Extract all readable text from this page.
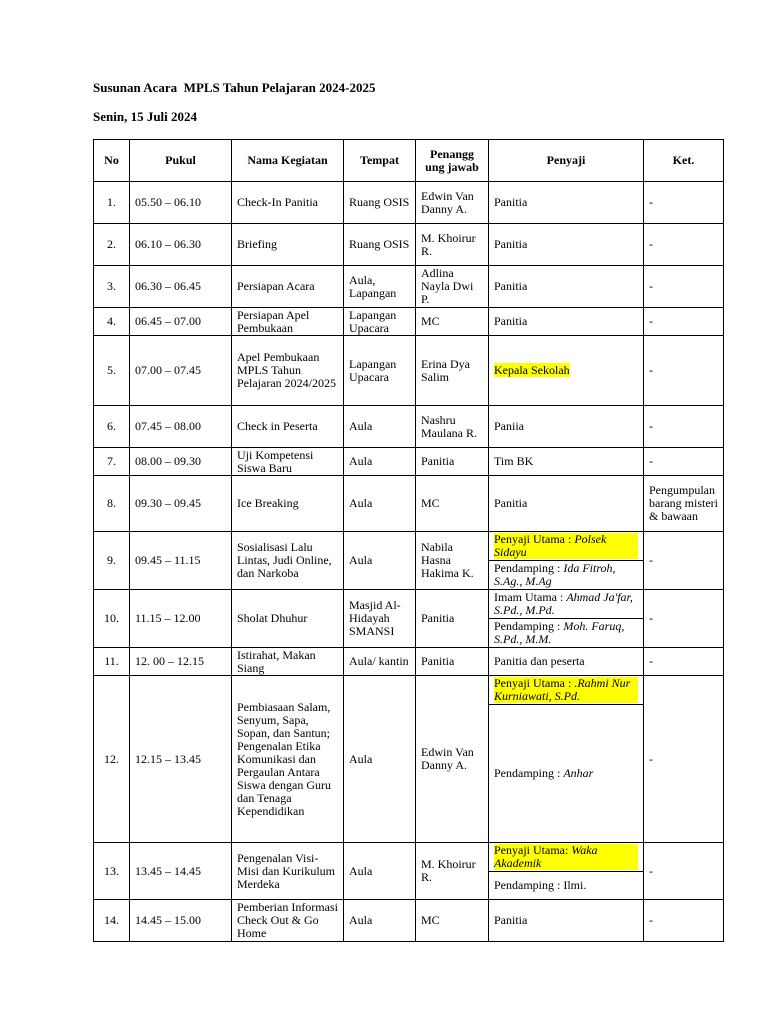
Susunan Acara  MPLS Tahun Pelajaran 2024-2025
Senin, 15 Juli 2024
No	Pukul	Nama Kegiatan	Tempat	Penangg ung jawab	Penyaji	Ket.
1.	05.50 – 06.10	Check-In Panitia	Ruang OSIS	Edwin Van Danny A.	Panitia	-
2.	06.10 – 06.30	Briefing	Ruang OSIS	M. Khoirur R.	Panitia	-
3.	06.30 – 06.45	Persiapan Acara	Aula, Lapangan	Adlina Nayla Dwi P.	Panitia	-
4.	06.45 – 07.00	Persiapan Apel Pembukaan	Lapangan Upacara	MC	Panitia	-
5.	07.00 – 07.45	Apel Pembukaan MPLS Tahun Pelajaran 2024/2025	Lapangan Upacara	Erina Dya Salim	Kepala Sekolah	-
6.	07.45 – 08.00	Check in Peserta	Aula	Nashru Maulana R.	Paniia	-
7.	08.00 – 09.30	Uji Kompetensi Siswa Baru	Aula	Panitia	Tim BK	-
8.	09.30 – 09.45	Ice Breaking	Aula	MC	Panitia	Pengumpulan barang misteri & bawaan
9.	09.45 – 11.15	Sosialisasi Lalu Lintas, Judi Online, dan Narkoba	Aula	Nabila Hasna Hakima K.	Penyaji Utama : Polsek Sidayu
Pendamping : Ida Fitroh, S.Ag., M.Ag	-
10.	11.15 – 12.00	Sholat Dhuhur	Masjid Al-Hidayah SMANSI	Panitia	Imam Utama : Ahmad Ja'far, S.Pd., M.Pd.
Pendamping : Moh. Faruq, S.Pd., M.M.	-
11.	12. 00 – 12.15	Istirahat, Makan Siang	Aula/ kantin	Panitia	Panitia dan peserta	-
12.	12.15 – 13.45	Pembiasaan Salam, Senyum, Sapa, Sopan, dan Santun; Pengenalan Etika Komunikasi dan Pergaulan Antara Siswa dengan Guru dan Tenaga Kependidikan	Aula	Edwin Van Danny A.	Penyaji Utama : .Rahmi Nur Kurniawati, S.Pd.
Pendamping : Anhar	-
13.	13.45 – 14.45	Pengenalan Visi-Misi dan Kurikulum Merdeka	Aula	M. Khoirur R.	Penyaji Utama: Waka Akademik
Pendamping : Ilmi.	-
14.	14.45 – 15.00	Pemberian Informasi Check Out & Go Home	Aula	MC	Panitia	-
